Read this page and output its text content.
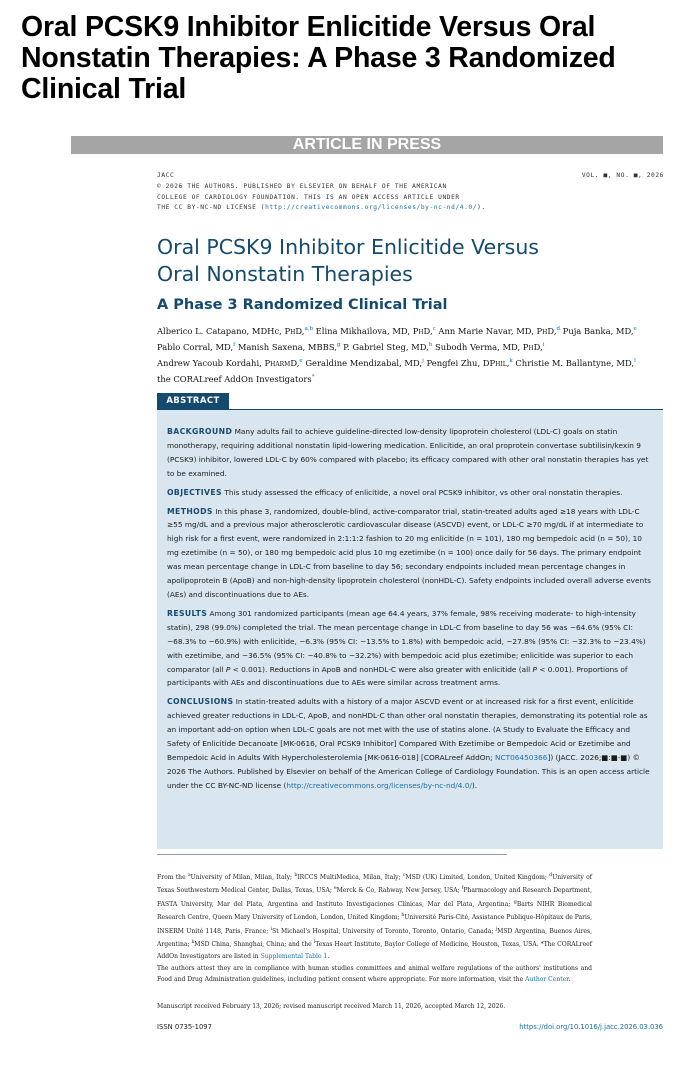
Oral PCSK9 Inhibitor Enlicitide Versus Oral Nonstatin Therapies: A Phase 3 Randomized Clinical Trial
ARTICLE IN PRESS
JACC	VOL. ■, NO. ■, 2026
© 2026 THE AUTHORS. PUBLISHED BY ELSEVIER ON BEHALF OF THE AMERICAN
COLLEGE OF CARDIOLOGY FOUNDATION. THIS IS AN OPEN ACCESS ARTICLE UNDER
THE CC BY-NC-ND LICENSE (http://creativecommons.org/licenses/by-nc-nd/4.0/).
Oral PCSK9 Inhibitor Enlicitide Versus
Oral Nonstatin Therapies
A Phase 3 Randomized Clinical Trial
Alberico L. Catapano, MDHc, PhD,$^{a,b}$ Elina Mikhailova, MD, PhD,$^c$ Ann Marie Navar, MD, PhD,$^d$ Puja Banka, MD,$^e$
Pablo Corral, MD,$^f$ Manish Saxena, MBBS,$^g$ P. Gabriel Steg, MD,$^h$ Subodh Verma, MD, PhD,$^i$
Andrew Yacoub Kordahi, PharmD,$^e$ Geraldine Mendizabal, MD,$^j$ Pengfei Zhu, DPhil,$^k$ Christie M. Ballantyne, MD,$^l$
the CORALreef AddOn Investigators*
ABSTRACT

BACKGROUND Many adults fail to achieve guideline-directed low-density lipoprotein cholesterol (LDL-C) goals on statin monotherapy, requiring additional nonstatin lipid-lowering medication. Enlicitide, an oral proprotein convertase subtilisin/kexin 9 (PCSK9) inhibitor, lowered LDL-C by 60% compared with placebo; its efficacy compared with other oral nonstatin therapies has yet to be examined.

OBJECTIVES This study assessed the efficacy of enlicitide, a novel oral PCSK9 inhibitor, vs other oral nonstatin therapies.

METHODS In this phase 3, randomized, double-blind, active-comparator trial, statin-treated adults aged ≥18 years with LDL-C ≥55 mg/dL and a previous major atherosclerotic cardiovascular disease (ASCVD) event, or LDL-C ≥70 mg/dL if at intermediate to high risk for a first event, were randomized in 2:1:1:2 fashion to 20 mg enlicitide (n = 101), 180 mg bempedoic acid (n = 50), 10 mg ezetimibe (n = 50), or 180 mg bempedoic acid plus 10 mg ezetimibe (n = 100) once daily for 56 days. The primary endpoint was mean percentage change in LDL-C from baseline to day 56; secondary endpoints included mean percentage changes in apolipoprotein B (ApoB) and non-high-density lipoprotein cholesterol (nonHDL-C). Safety endpoints included overall adverse events (AEs) and discontinuations due to AEs.

RESULTS Among 301 randomized participants (mean age 64.4 years, 37% female, 98% receiving moderate- to high-intensity statin), 298 (99.0%) completed the trial. The mean percentage change in LDL-C from baseline to day 56 was −64.6% (95% CI: −68.3% to −60.9%) with enlicitide, −6.3% (95% CI: −13.5% to 1.8%) with bempedoic acid, −27.8% (95% CI: −32.3% to −23.4%) with ezetimibe, and −36.5% (95% CI: −40.8% to −32.2%) with bempedoic acid plus ezetimibe; enlicitide was superior to each comparator (all P < 0.001). Reductions in ApoB and nonHDL-C were also greater with enlicitide (all P < 0.001). Proportions of participants with AEs and discontinuations due to AEs were similar across treatment arms.

CONCLUSIONS In statin-treated adults with a history of a major ASCVD event or at increased risk for a first event, enlicitide achieved greater reductions in LDL-C, ApoB, and nonHDL-C than other oral nonstatin therapies, demonstrating its potential role as an important add-on option when LDL-C goals are not met with the use of statins alone. (A Study to Evaluate the Efficacy and Safety of Enlicitide Decanoate [MK-0616, Oral PCSK9 Inhibitor] Compared With Ezetimibe or Bempedoic Acid or Ezetimibe and Bempedoic Acid in Adults With Hypercholesterolemia [MK-0616-018] [CORALreef AddOn; NCT06450366]) (JACC. 2026;■:■-■) © 2026 The Authors. Published by Elsevier on behalf of the American College of Cardiology Foundation. This is an open access article under the CC BY-NC-ND license (http://creativecommons.org/licenses/by-nc-nd/4.0/).

From the $^a$University of Milan, Milan, Italy; $^b$IRCCS MultiMedica, Milan, Italy; $^c$MSD (UK) Limited, London, United Kingdom; $^d$University of Texas Southwestern Medical Center, Dallas, Texas, USA; $^e$Merck & Co, Rahway, New Jersey, USA; $^f$Pharmacology and Research Department, FASTA University, Mar del Plata, Argentina and Instituto Investigaciones Clínicas, Mar del Plata, Argentina; $^g$Barts NIHR Biomedical Research Centre, Queen Mary University of London, London, United Kingdom; $^h$Université Paris-Cité, Assistance Publique-Hôpitaux de Paris, INSERM Unité 1148, Paris, France; $^i$St Michael's Hospital, University of Toronto, Toronto, Ontario, Canada; $^j$MSD Argentina, Buenos Aires, Argentina; $^k$MSD China, Shanghai, China; and the $^l$Texas Heart Institute, Baylor College of Medicine, Houston, Texas, USA. *The CORALreef AddOn Investigators are listed in Supplemental Table 1.

The authors attest they are in compliance with human studies committees and animal welfare regulations of the authors' institutions and Food and Drug Administration guidelines, including patient consent where appropriate. For more information, visit the Author Center.

Manuscript received February 13, 2026; revised manuscript received March 11, 2026, accepted March 12, 2026.
ISSN 0735-1097	https://doi.org/10.1016/j.jacc.2026.03.036
